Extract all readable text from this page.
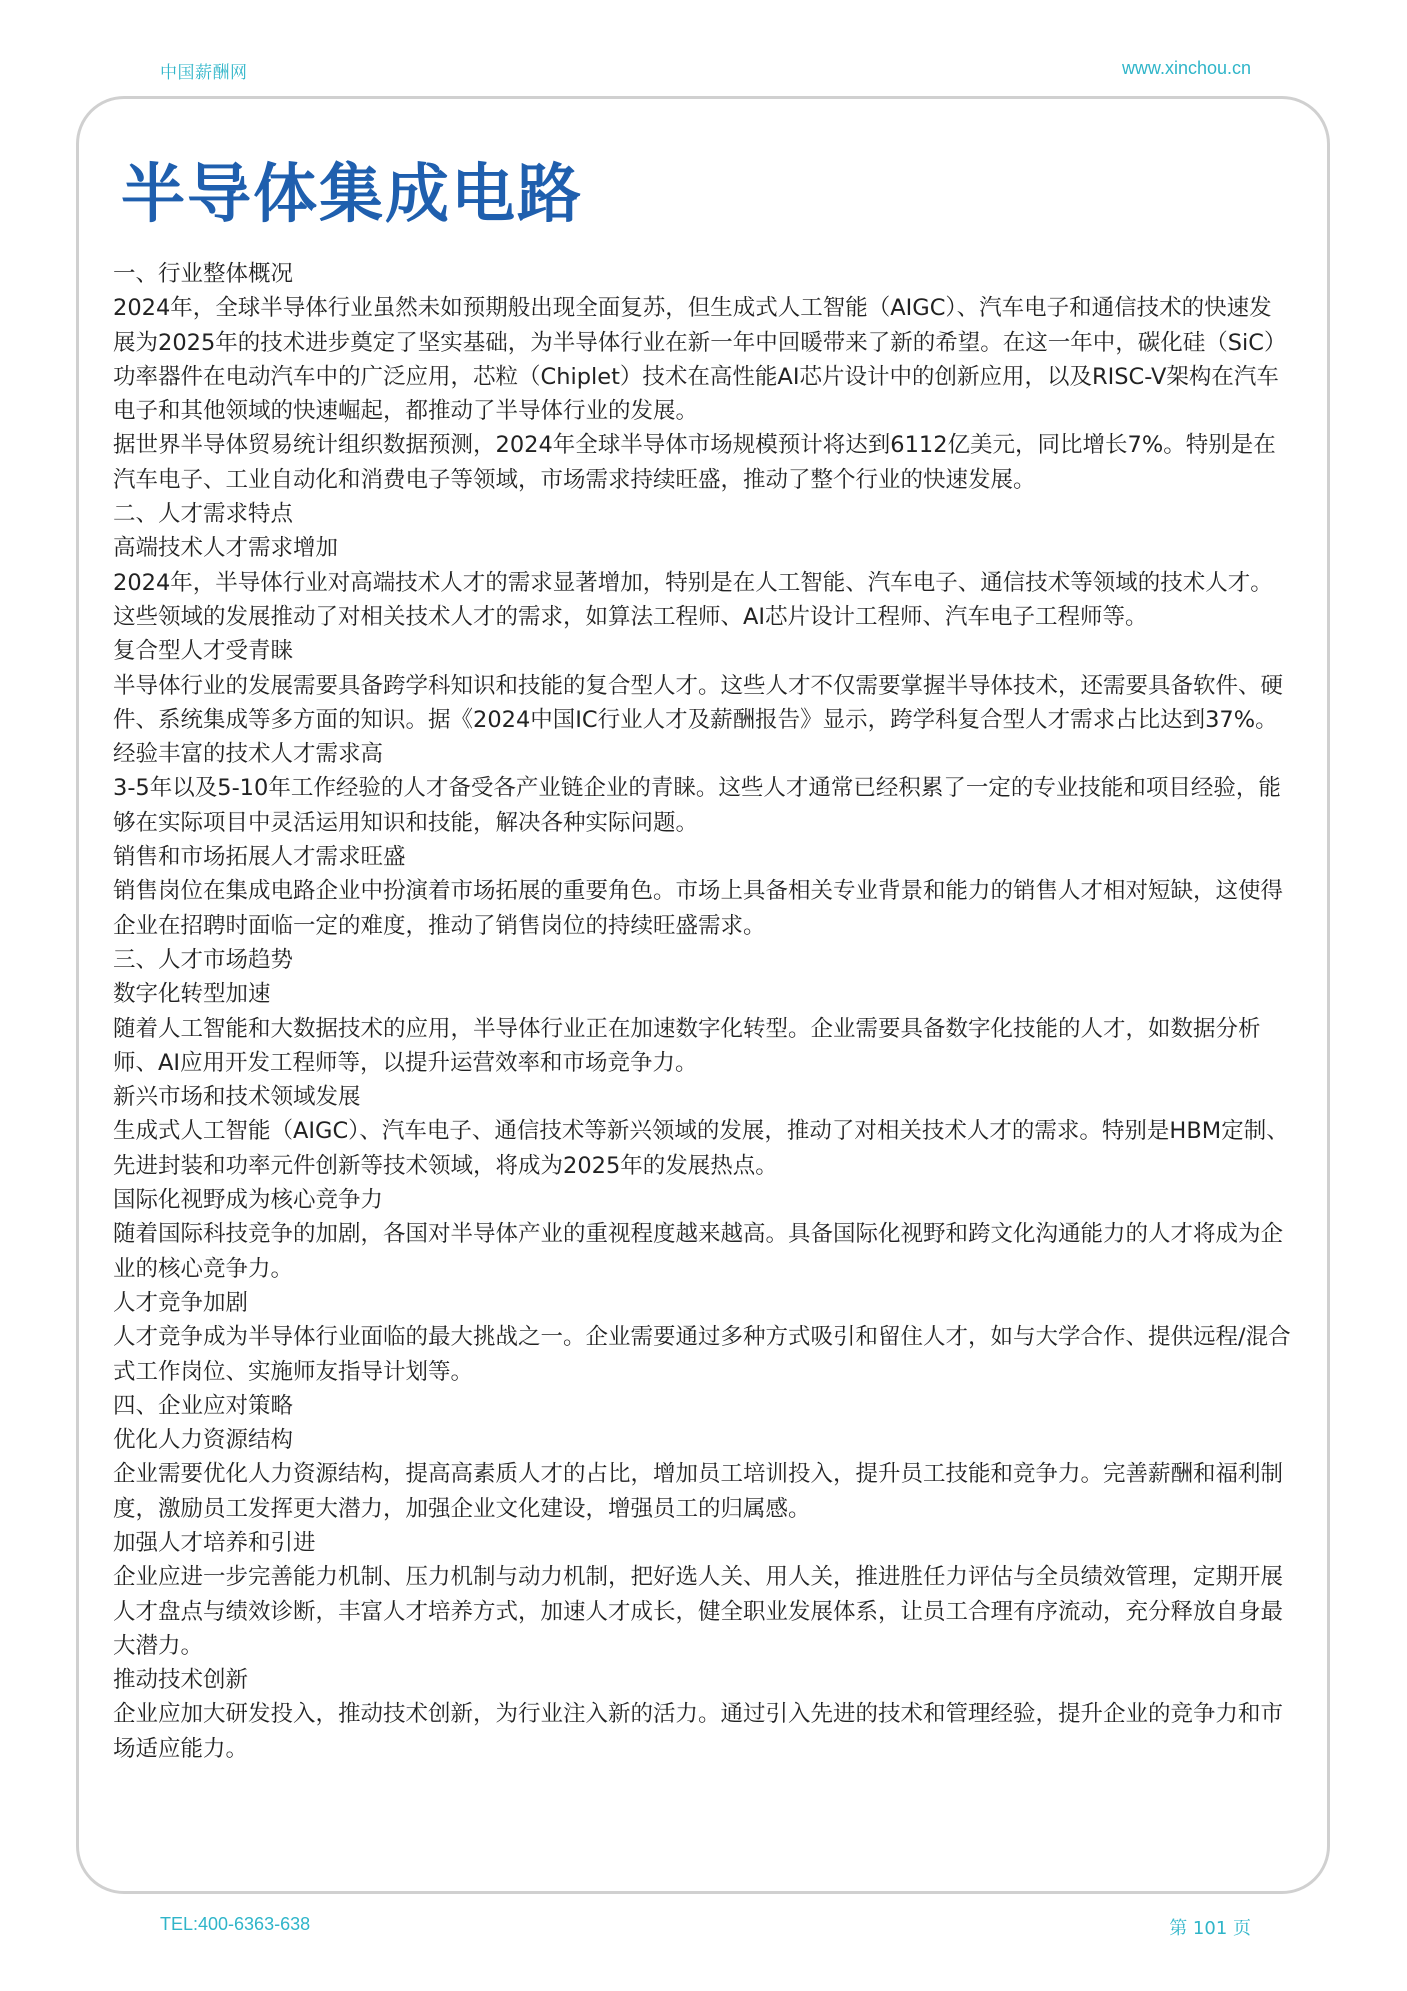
中国薪酬网	www.xinchou.cn
半导体集成电路

一、行业整体概况

2024年，全球半导体行业虽然未如预期般出现全面复苏，但生成式人工智能（AIGC）、汽车电子和通信技术的快速发展为2025年的技术进步奠定了坚实基础，为半导体行业在新一年中回暖带来了新的希望。在这一年中，碳化硅（SiC）功率器件在电动汽车中的广泛应用，芯粒（Chiplet）技术在高性能AI芯片设计中的创新应用，以及RISC-V架构在汽车电子和其他领域的快速崛起，都推动了半导体行业的发展。

据世界半导体贸易统计组织数据预测，2024年全球半导体市场规模预计将达到6112亿美元，同比增长7%。特别是在汽车电子、工业自动化和消费电子等领域，市场需求持续旺盛，推动了整个行业的快速发展。

二、人才需求特点

高端技术人才需求增加

2024年，半导体行业对高端技术人才的需求显著增加，特别是在人工智能、汽车电子、通信技术等领域的技术人才。这些领域的发展推动了对相关技术人才的需求，如算法工程师、AI芯片设计工程师、汽车电子工程师等。

复合型人才受青睐

半导体行业的发展需要具备跨学科知识和技能的复合型人才。这些人才不仅需要掌握半导体技术，还需要具备软件、硬件、系统集成等多方面的知识。据《2024中国IC行业人才及薪酬报告》显示，跨学科复合型人才需求占比达到37%。

经验丰富的技术人才需求高

3-5年以及5-10年工作经验的人才备受各产业链企业的青睐。这些人才通常已经积累了一定的专业技能和项目经验，能够在实际项目中灵活运用知识和技能，解决各种实际问题。

销售和市场拓展人才需求旺盛

销售岗位在集成电路企业中扮演着市场拓展的重要角色。市场上具备相关专业背景和能力的销售人才相对短缺，这使得企业在招聘时面临一定的难度，推动了销售岗位的持续旺盛需求。

三、人才市场趋势

数字化转型加速

随着人工智能和大数据技术的应用，半导体行业正在加速数字化转型。企业需要具备数字化技能的人才，如数据分析师、AI应用开发工程师等，以提升运营效率和市场竞争力。

新兴市场和技术领域发展

生成式人工智能（AIGC）、汽车电子、通信技术等新兴领域的发展，推动了对相关技术人才的需求。特别是HBM定制、先进封装和功率元件创新等技术领域，将成为2025年的发展热点。

国际化视野成为核心竞争力

随着国际科技竞争的加剧，各国对半导体产业的重视程度越来越高。具备国际化视野和跨文化沟通能力的人才将成为企业的核心竞争力。

人才竞争加剧

人才竞争成为半导体行业面临的最大挑战之一。企业需要通过多种方式吸引和留住人才，如与大学合作、提供远程/混合式工作岗位、实施师友指导计划等。

四、企业应对策略

优化人力资源结构

企业需要优化人力资源结构，提高高素质人才的占比，增加员工培训投入，提升员工技能和竞争力。完善薪酬和福利制度，激励员工发挥更大潜力，加强企业文化建设，增强员工的归属感。

加强人才培养和引进

企业应进一步完善能力机制、压力机制与动力机制，把好选人关、用人关，推进胜任力评估与全员绩效管理，定期开展人才盘点与绩效诊断，丰富人才培养方式，加速人才成长，健全职业发展体系，让员工合理有序流动，充分释放自身最大潜力。

推动技术创新

企业应加大研发投入，推动技术创新，为行业注入新的活力。通过引入先进的技术和管理经验，提升企业的竞争力和市场适应能力。

TEL:400-6363-638	第 101 页
